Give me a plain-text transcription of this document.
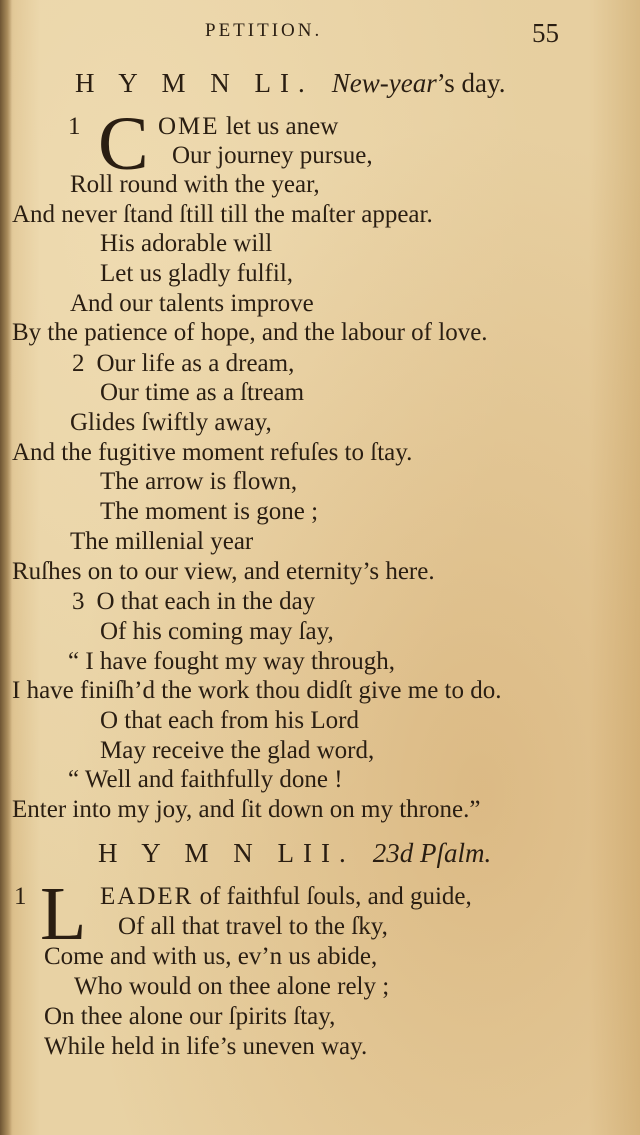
PETITION.	55
H Y M N LI. New-year’s day.
1 C OME let us anew
Our journey pursue,
Roll round with the year,
And never ſtand ſtill till the maſter appear.
His adorable will
Let us gladly fulfil,
And our talents improve
By the patience of hope, and the labour of love.
2 Our life as a dream,
Our time as a ſtream
Glides ſwiftly away,
And the fugitive moment refuſes to ſtay.
The arrow is flown,
The moment is gone ;
The millenial year
Ruſhes on to our view, and eternity’s here.
3 O that each in the day
Of his coming may ſay,
“ I have fought my way through,
I have finiſh’d the work thou didſt give me to do.
O that each from his Lord
May receive the glad word,
“ Well and faithfully done !
Enter into my joy, and ſit down on my throne.”
H Y M N LII. 23d Pſalm.
1 L EADER of faithful ſouls, and guide,
Of all that travel to the ſky,
Come and with us, ev’n us abide,
Who would on thee alone rely ;
On thee alone our ſpirits ſtay,
While held in life’s uneven way.
